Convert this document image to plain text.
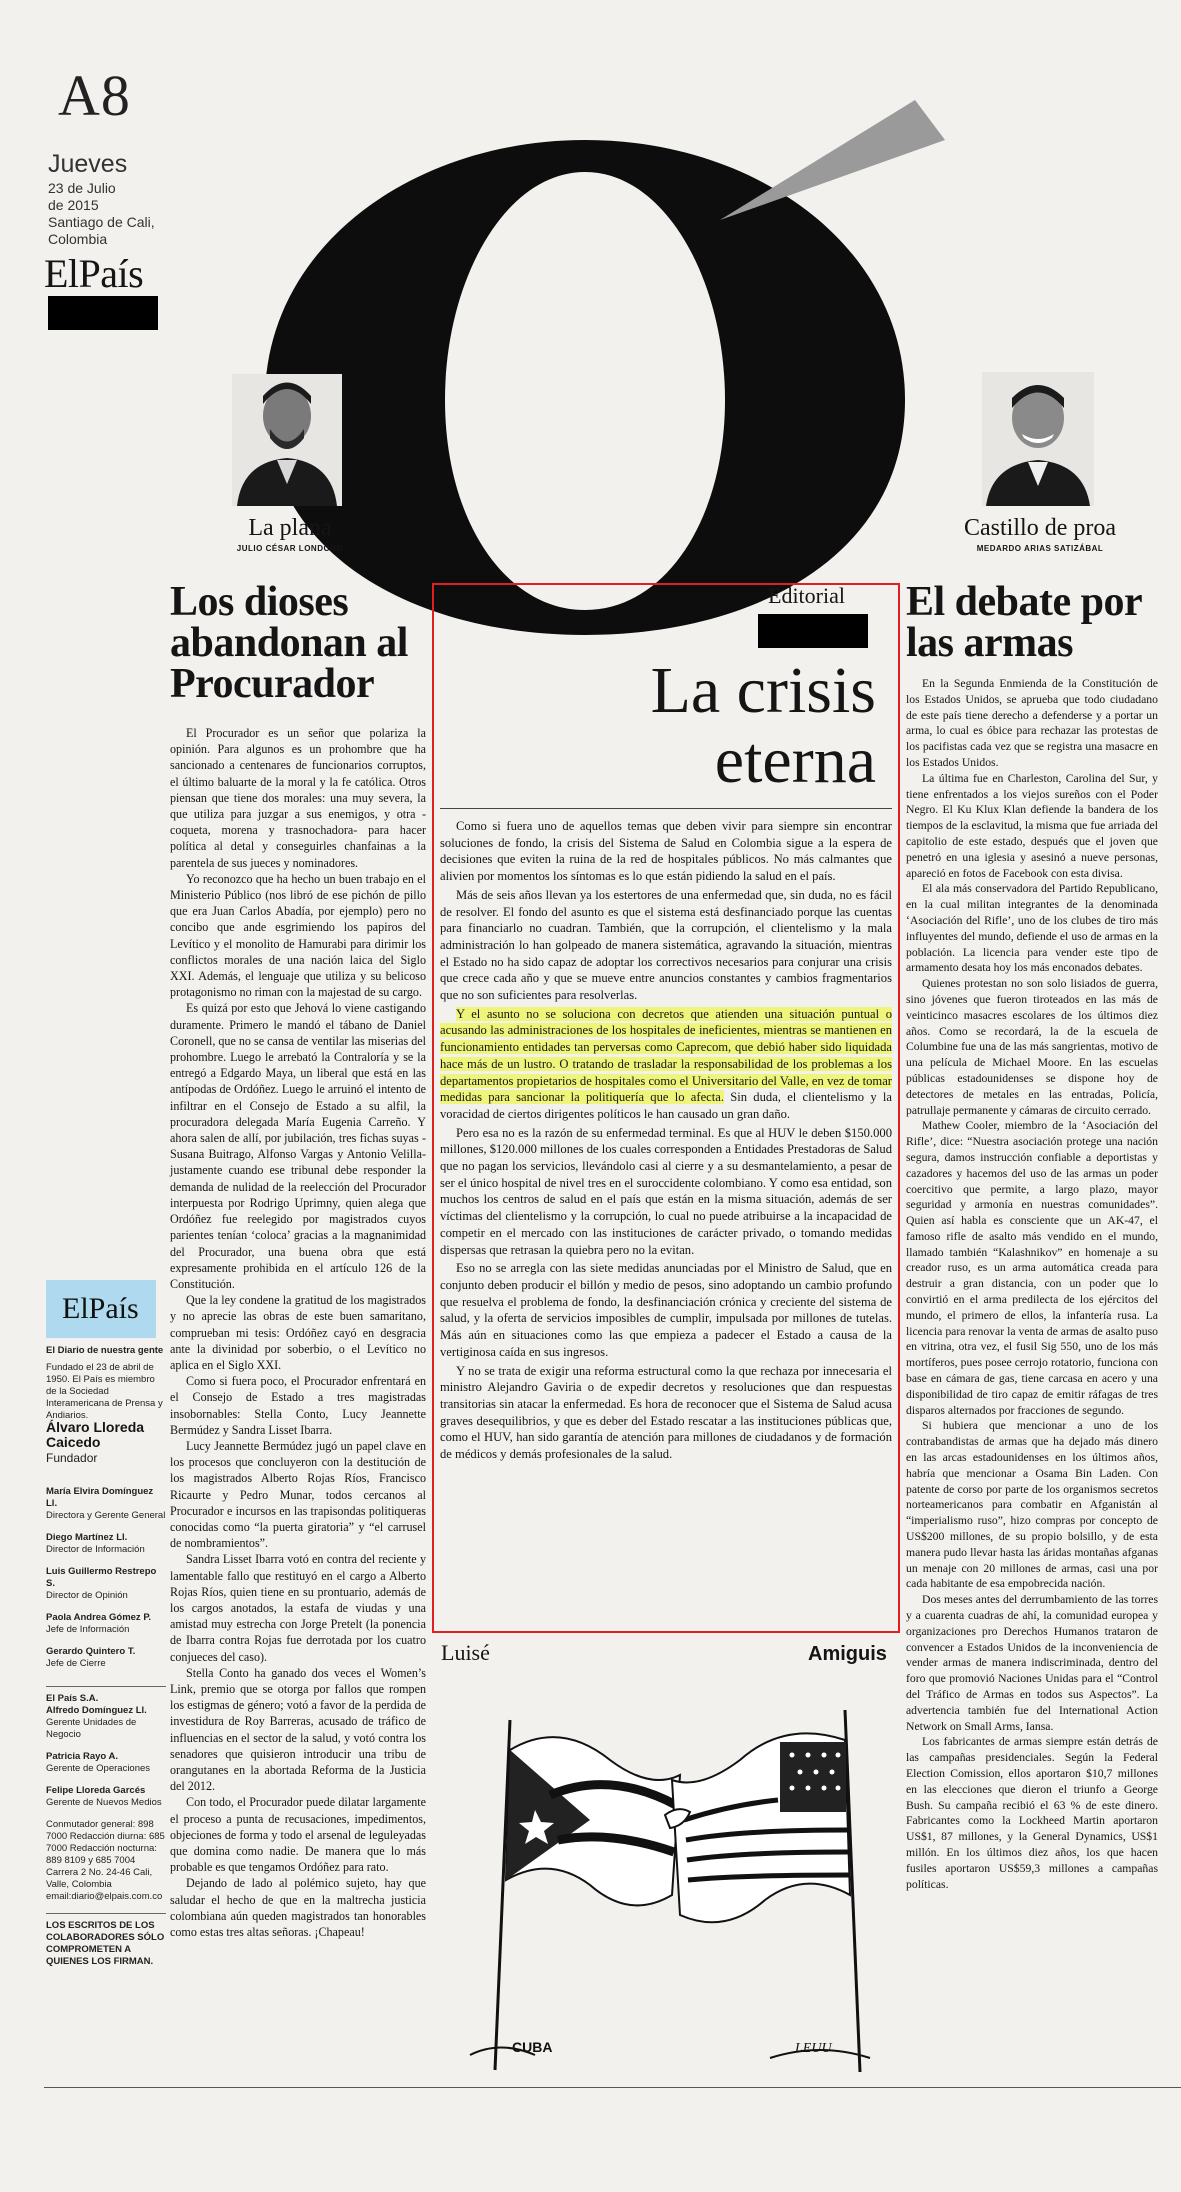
A8
Jueves
23 de Julio
de 2015
Santiago de Cali,
Colombia
ElPaís
La plana
JULIO CÉSAR LONDOÑO
Castillo de proa
MEDARDO ARIAS SATIZÁBAL
Los dioses
abandonan al
Procurador

El Procurador es un señor que polariza la opinión. Para algunos es un prohombre que ha sancionado a centenares de funcionarios corruptos, el último baluarte de la moral y la fe católica. Otros piensan que tiene dos morales: una muy severa, la que utiliza para juzgar a sus enemigos, y otra -coqueta, morena y trasnochadora- para hacer política al detal y conseguirles chanfainas a la parentela de sus jueces y nominadores.

Yo reconozco que ha hecho un buen trabajo en el Ministerio Público (nos libró de ese pichón de pillo que era Juan Carlos Abadía, por ejemplo) pero no concibo que ande esgrimiendo los papiros del Levítico y el monolito de Hamurabi para dirimir los conflictos morales de una nación laica del Siglo XXI. Además, el lenguaje que utiliza y su belicoso protagonismo no riman con la majestad de su cargo.

Es quizá por esto que Jehová lo viene castigando duramente. Primero le mandó el tábano de Daniel Coronell, que no se cansa de ventilar las miserias del prohombre. Luego le arrebató la Contraloría y se la entregó a Edgardo Maya, un liberal que está en las antípodas de Ordóñez. Luego le arruinó el intento de infiltrar en el Consejo de Estado a su alfil, la procuradora delegada María Eugenia Carreño. Y ahora salen de allí, por jubilación, tres fichas suyas -Susana Buitrago, Alfonso Vargas y Antonio Velilla- justamente cuando ese tribunal debe responder la demanda de nulidad de la reelección del Procurador interpuesta por Rodrigo Uprimny, quien alega que Ordóñez fue reelegido por magistrados cuyos parientes tenían ‘coloca’ gracias a la magnanimidad del Procurador, una buena obra que está expresamente prohibida en el artículo 126 de la Constitución.

Que la ley condene la gratitud de los magistrados y no aprecie las obras de este buen samaritano, comprueban mi tesis: Ordóñez cayó en desgracia ante la divinidad por soberbio, o el Levítico no aplica en el Siglo XXI.

Como si fuera poco, el Procurador enfrentará en el Consejo de Estado a tres magistradas insobornables: Stella Conto, Lucy Jeannette Bermúdez y Sandra Lisset Ibarra.

Lucy Jeannette Bermúdez jugó un papel clave en los procesos que concluyeron con la destitución de los magistrados Alberto Rojas Ríos, Francisco Ricaurte y Pedro Munar, todos cercanos al Procurador e incursos en las trapisondas politiqueras conocidas como “la puerta giratoria” y “el carrusel de nombramientos”.

Sandra Lisset Ibarra votó en contra del reciente y lamentable fallo que restituyó en el cargo a Alberto Rojas Ríos, quien tiene en su prontuario, además de los cargos anotados, la estafa de viudas y una amistad muy estrecha con Jorge Pretelt (la ponencia de Ibarra contra Rojas fue derrotada por los cuatro conjueces del caso).

Stella Conto ha ganado dos veces el Women’s Link, premio que se otorga por fallos que rompen los estigmas de género; votó a favor de la perdida de investidura de Roy Barreras, acusado de tráfico de influencias en el sector de la salud, y votó contra los senadores que quisieron introducir una tribu de orangutanes en la abortada Reforma de la Justicia del 2012.

Con todo, el Procurador puede dilatar largamente el proceso a punta de recusaciones, impedimentos, objeciones de forma y todo el arsenal de leguleyadas que domina como nadie. De manera que lo más probable es que tengamos Ordóñez para rato.

Dejando de lado al polémico sujeto, hay que saludar el hecho de que en la maltrecha justicia colombiana aún queden magistrados tan honorables como estas tres altas señoras. ¡Chapeau!

ElPaís
El Diario de nuestra gente
Fundado el 23 de abril de 1950. El País es miembro de la Sociedad Interamericana de Prensa y Andiarios.
Álvaro Lloreda Caicedo
Fundador
María Elvira Domínguez Ll.
Directora y Gerente General
Diego Martínez Ll.
Director de Información
Luis Guillermo Restrepo S.
Director de Opinión
Paola Andrea Gómez P.
Jefe de Información
Gerardo Quintero T.
Jefe de Cierre
El País S.A.
Alfredo Domínguez Ll.
Gerente Unidades de Negocio
Patricia Rayo A.
Gerente de Operaciones
Felipe Lloreda Garcés
Gerente de Nuevos Medios
Conmutador general: 898 7000 Redacción diurna: 685 7000 Redacción nocturna: 889 8109 y 685 7004 Carrera 2 No. 24-46 Cali, Valle, Colombia email:diario@elpais.com.co
LOS ESCRITOS DE LOS COLABORADORES SÓLO COMPROMETEN A QUIENES LOS FIRMAN.
Editorial
La crisis
eterna

Como si fuera uno de aquellos temas que deben vivir para siempre sin encontrar soluciones de fondo, la crisis del Sistema de Salud en Colombia sigue a la espera de decisiones que eviten la ruina de la red de hospitales públicos. No más calmantes que alivien por momentos los síntomas es lo que están pidiendo la salud en el país.

Más de seis años llevan ya los estertores de una enfermedad que, sin duda, no es fácil de resolver. El fondo del asunto es que el sistema está desfinanciado porque las cuentas para financiarlo no cuadran. También, que la corrupción, el clientelismo y la mala administración lo han golpeado de manera sistemática, agravando la situación, mientras el Estado no ha sido capaz de adoptar los correctivos necesarios para conjurar una crisis que crece cada año y que se mueve entre anuncios constantes y cambios fragmentarios que no son suficientes para resolverlas.

Y el asunto no se soluciona con decretos que atienden una situación puntual o acusando las administraciones de los hospitales de ineficientes, mientras se mantienen en funcionamiento entidades tan perversas como Caprecom, que debió haber sido liquidada hace más de un lustro. O tratando de trasladar la responsabilidad de los problemas a los departamentos propietarios de hospitales como el Universitario del Valle, en vez de tomar medidas para sancionar la politiquería que lo afecta. Sin duda, el clientelismo y la voracidad de ciertos dirigentes políticos le han causado un gran daño.

Pero esa no es la razón de su enfermedad terminal. Es que al HUV le deben $150.000 millones, $120.000 millones de los cuales corresponden a Entidades Prestadoras de Salud que no pagan los servicios, llevándolo casi al cierre y a su desmantelamiento, a pesar de ser el único hospital de nivel tres en el suroccidente colombiano. Y como esa entidad, son muchos los centros de salud en el país que están en la misma situación, además de ser víctimas del clientelismo y la corrupción, lo cual no puede atribuirse a la incapacidad de competir en el mercado con las instituciones de carácter privado, o tomando medidas dispersas que retrasan la quiebra pero no la evitan.

Eso no se arregla con las siete medidas anunciadas por el Ministro de Salud, que en conjunto deben producir el billón y medio de pesos, sino adoptando un cambio profundo que resuelva el problema de fondo, la desfinanciación crónica y creciente del sistema de salud, y la oferta de servicios imposibles de cumplir, impulsada por millones de tutelas. Más aún en situaciones como las que empieza a padecer el Estado a causa de la vertiginosa caída en sus ingresos.

Y no se trata de exigir una reforma estructural como la que rechaza por innecesaria el ministro Alejandro Gaviria o de expedir decretos y resoluciones que dan respuestas transitorias sin atacar la enfermedad. Es hora de reconocer que el Sistema de Salud acusa graves desequilibrios, y que es deber del Estado rescatar a las instituciones públicas que, como el HUV, han sido garantía de atención para millones de ciudadanos y de formación de médicos y demás profesionales de la salud.

Luisé	Amiguis
CUBA	LEUU
El debate por
las armas

En la Segunda Enmienda de la Constitución de los Estados Unidos, se aprueba que todo ciudadano de este país tiene derecho a defenderse y a portar un arma, lo cual es óbice para rechazar las protestas de los pacifistas cada vez que se registra una masacre en los Estados Unidos.

La última fue en Charleston, Carolina del Sur, y tiene enfrentados a los viejos sureños con el Poder Negro. El Ku Klux Klan defiende la bandera de los tiempos de la esclavitud, la misma que fue arriada del capitolio de este estado, después que el joven que penetró en una iglesia y asesinó a nueve personas, apareció en fotos de Facebook con esta divisa.

El ala más conservadora del Partido Republicano, en la cual militan integrantes de la denominada ‘Asociación del Rifle’, uno de los clubes de tiro más influyentes del mundo, defiende el uso de armas en la población. La licencia para vender este tipo de armamento desata hoy los más enconados debates.

Quienes protestan no son solo lisiados de guerra, sino jóvenes que fueron tiroteados en las más de veinticinco masacres escolares de los últimos diez años. Como se recordará, la de la escuela de Columbine fue una de las más sangrientas, motivo de una película de Michael Moore. En las escuelas públicas estadounidenses se dispone hoy de detectores de metales en las entradas, Policía, patrullaje permanente y cámaras de circuito cerrado.

Mathew Cooler, miembro de la ‘Asociación del Rifle’, dice: “Nuestra asociación protege una nación segura, damos instrucción confiable a deportistas y cazadores y hacemos del uso de las armas un poder coercitivo que permite, a largo plazo, mayor seguridad y armonía en nuestras comunidades”. Quien así habla es consciente que un AK-47, el famoso rifle de asalto más vendido en el mundo, llamado también “Kalashnikov” en homenaje a su creador ruso, es un arma automática creada para destruir a gran distancia, con un poder que lo convirtió en el arma predilecta de los ejércitos del mundo, el primero de ellos, la infantería rusa. La licencia para renovar la venta de armas de asalto puso en vitrina, otra vez, el fusil Sig 550, uno de los más mortíferos, pues posee cerrojo rotatorio, funciona con base en cámara de gas, tiene carcasa en acero y una disponibilidad de tiro capaz de emitir ráfagas de tres disparos alternados por fracciones de segundo.

Si hubiera que mencionar a uno de los contrabandistas de armas que ha dejado más dinero en las arcas estadounidenses en los últimos años, habría que mencionar a Osama Bin Laden. Con patente de corso por parte de los organismos secretos norteamericanos para combatir en Afganistán al “imperialismo ruso”, hizo compras por concepto de US$200 millones, de su propio bolsillo, y de esta manera pudo llevar hasta las áridas montañas afganas un menaje con 20 millones de armas, casi una por cada habitante de esa empobrecida nación.

Dos meses antes del derrumbamiento de las torres y a cuarenta cuadras de ahí, la comunidad europea y organizaciones pro Derechos Humanos trataron de convencer a Estados Unidos de la inconveniencia de vender armas de manera indiscriminada, dentro del foro que promovió Naciones Unidas para el “Control del Tráfico de Armas en todos sus Aspectos”. La advertencia también fue del International Action Network on Small Arms, Iansa.

Los fabricantes de armas siempre están detrás de las campañas presidenciales. Según la Federal Election Comission, ellos aportaron $10,7 millones en las elecciones que dieron el triunfo a George Bush. Su campaña recibió el 63 % de este dinero. Fabricantes como la Lockheed Martin aportaron US$1, 87 millones, y la General Dynamics, US$1 millón. En los últimos diez años, los que hacen fusiles aportaron US$59,3 millones a campañas políticas.
